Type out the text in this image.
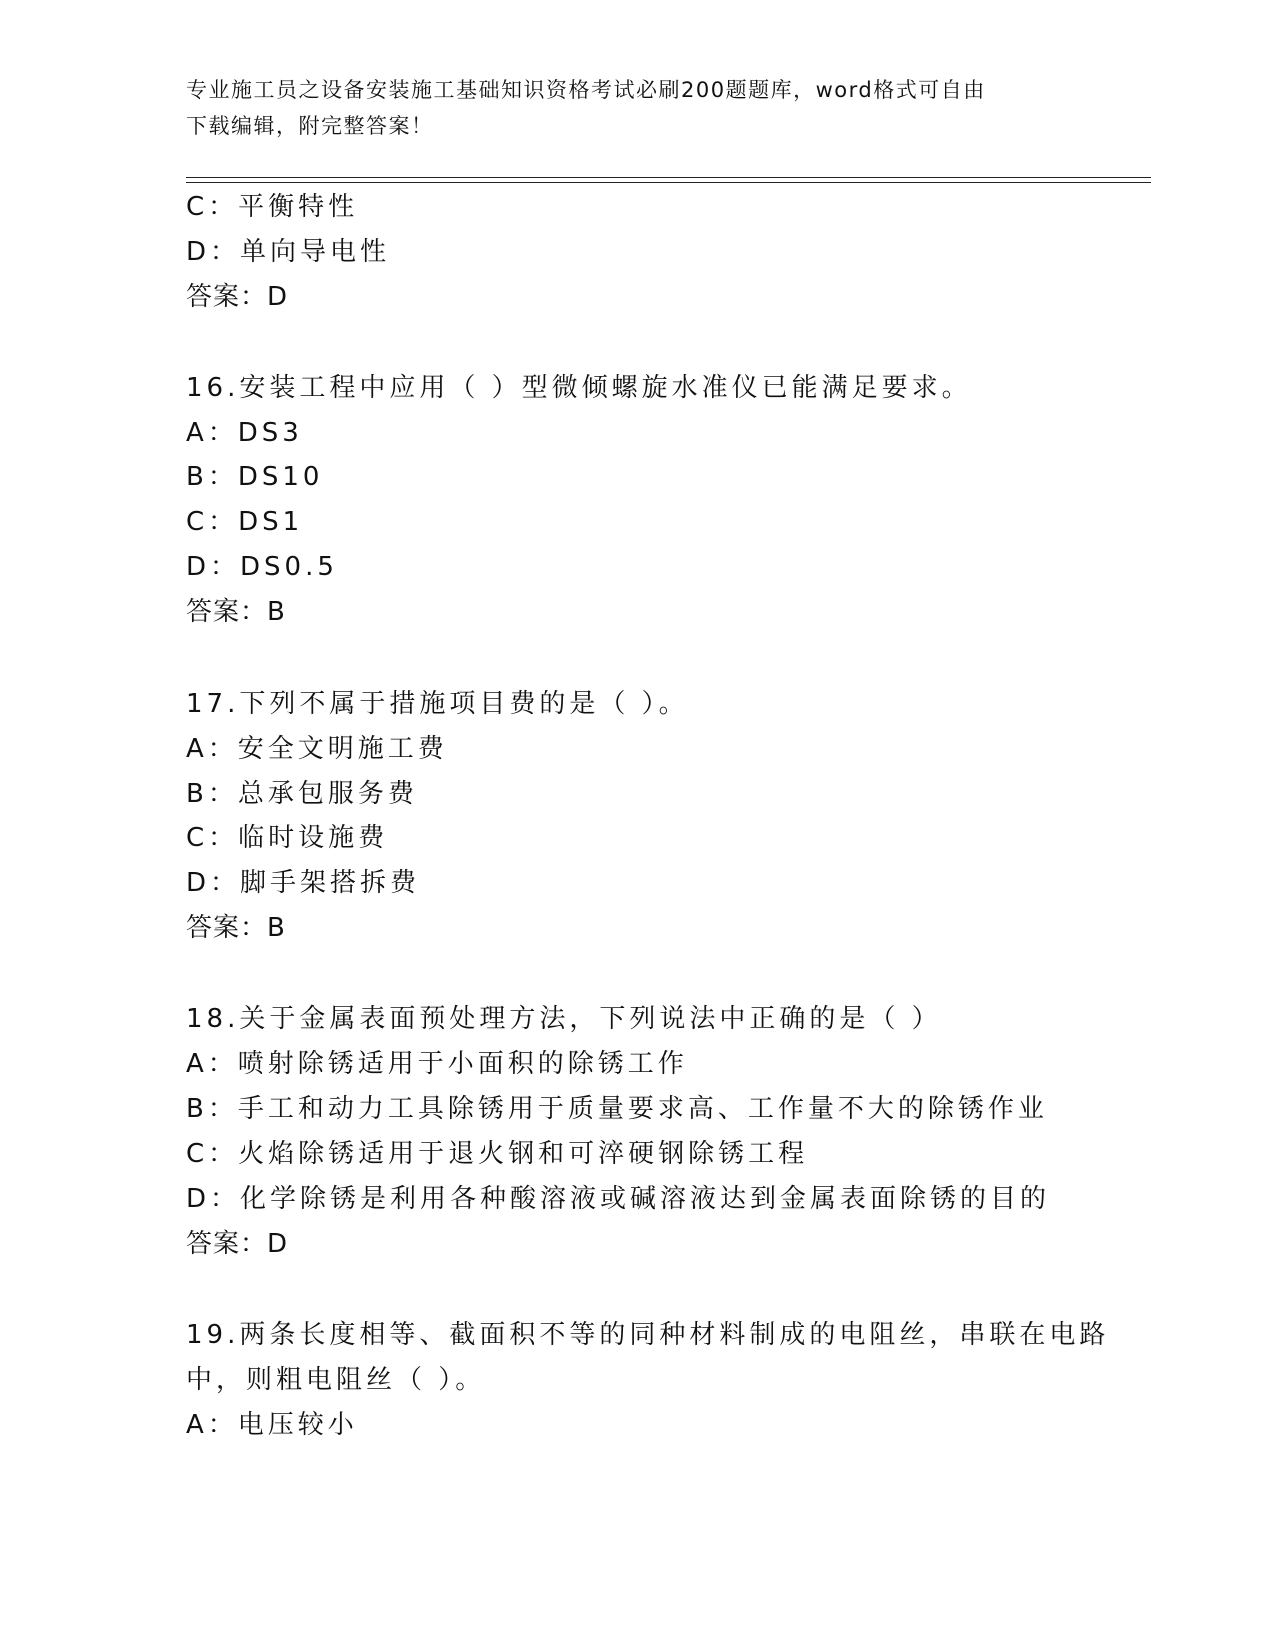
专业施工员之设备安装施工基础知识资格考试必刷200题题库，word格式可自由
下载编辑，附完整答案！
C：平衡特性
D：单向导电性
答案：D
16.安装工程中应用（ ）型微倾螺旋水准仪已能满足要求。
A：DS3
B：DS10
C：DS1
D：DS0.5
答案：B
17.下列不属于措施项目费的是（ ）。
A：安全文明施工费
B：总承包服务费
C：临时设施费
D：脚手架搭拆费
答案：B
18.关于金属表面预处理方法，下列说法中正确的是（ ）
A：喷射除锈适用于小面积的除锈工作
B：手工和动力工具除锈用于质量要求高、工作量不大的除锈作业
C：火焰除锈适用于退火钢和可淬硬钢除锈工程
D：化学除锈是利用各种酸溶液或碱溶液达到金属表面除锈的目的
答案：D
19.两条长度相等、截面积不等的同种材料制成的电阻丝，串联在电路
中，则粗电阻丝（ ）。
A：电压较小
